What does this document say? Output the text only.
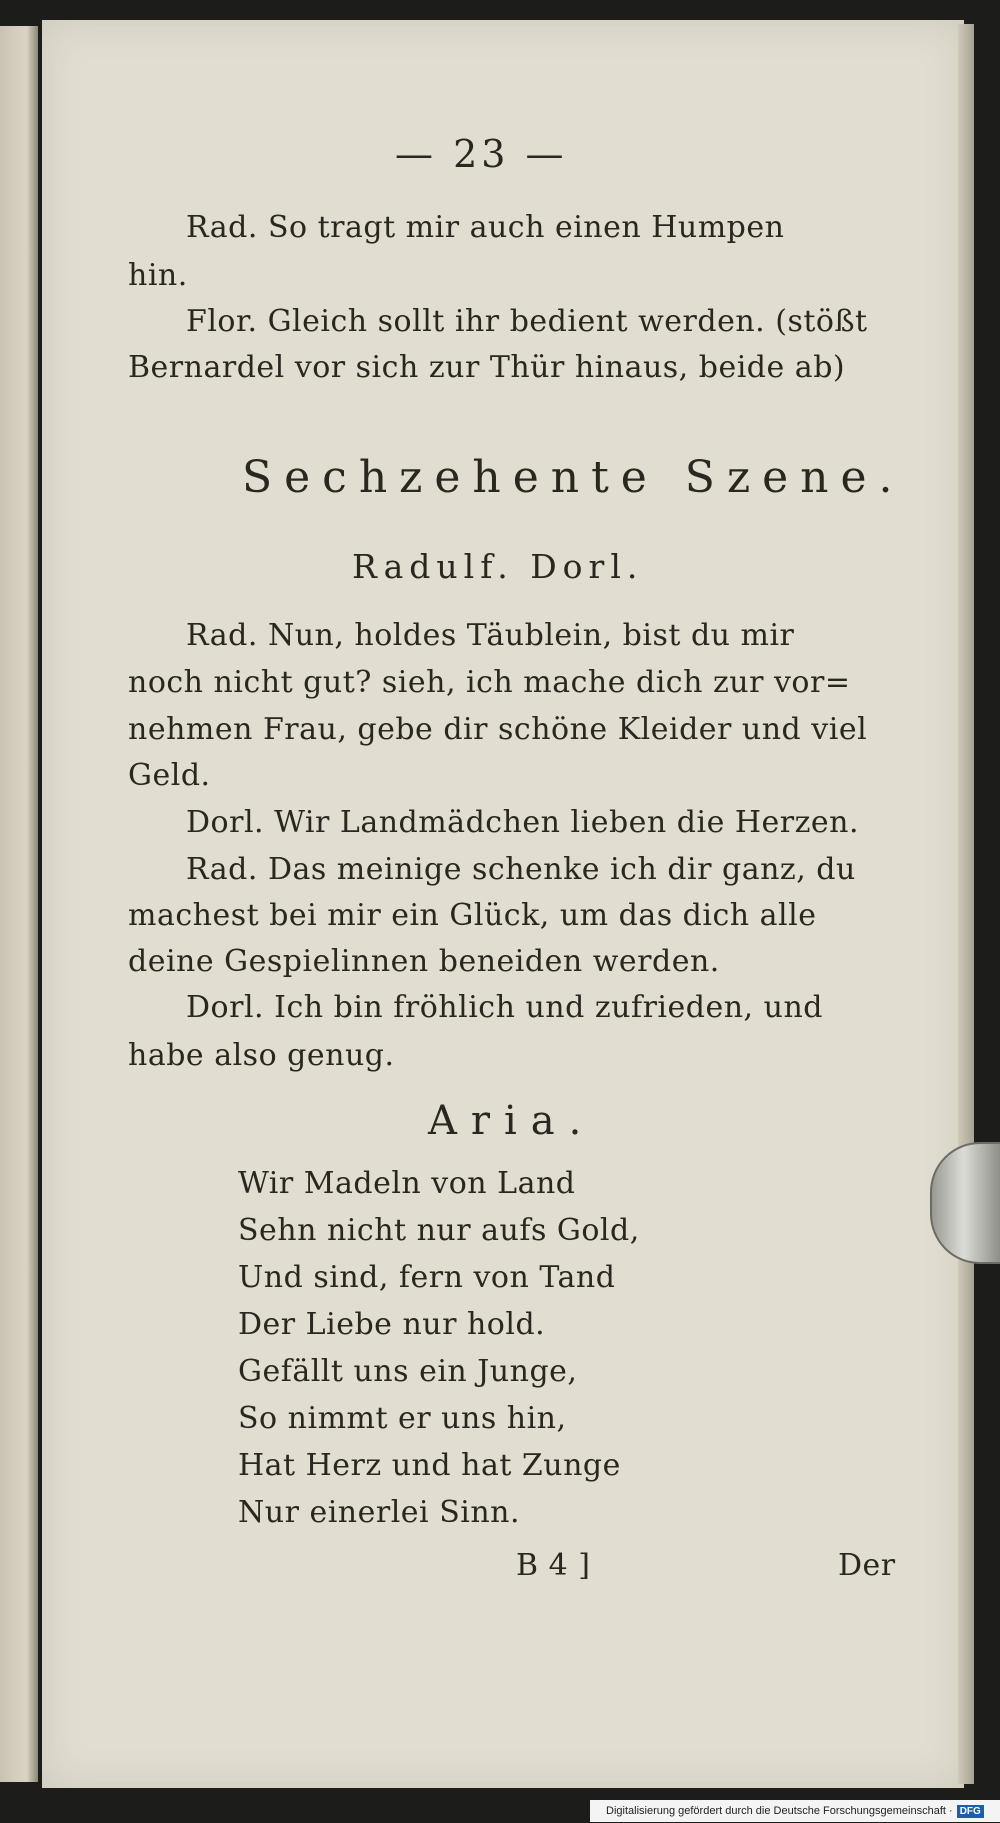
— 23 —
Rad. So tragt mir auch einen Humpen
hin.
Flor. Gleich sollt ihr bedient werden. (stößt
Bernardel vor sich zur Thür hinaus, beide ab)
Sechzehente Szene.
Radulf. Dorl.
Rad. Nun, holdes Täublein, bist du mir
noch nicht gut? sieh, ich mache dich zur vor=
nehmen Frau, gebe dir schöne Kleider und viel
Geld.
Dorl. Wir Landmädchen lieben die Herzen.
Rad. Das meinige schenke ich dir ganz, du
machest bei mir ein Glück, um das dich alle
deine Gespielinnen beneiden werden.
Dorl. Ich bin fröhlich und zufrieden, und
habe also genug.
Aria.
Wir Madeln von Land
Sehn nicht nur aufs Gold,
Und sind, fern von Tand
Der Liebe nur hold.
Gefällt uns ein Junge,
So nimmt er uns hin,
Hat Herz und hat Zunge
Nur einerlei Sinn.
B 4 ]	Der
Digitalisierung gefördert durch die Deutsche Forschungsgemeinschaft · DFG
